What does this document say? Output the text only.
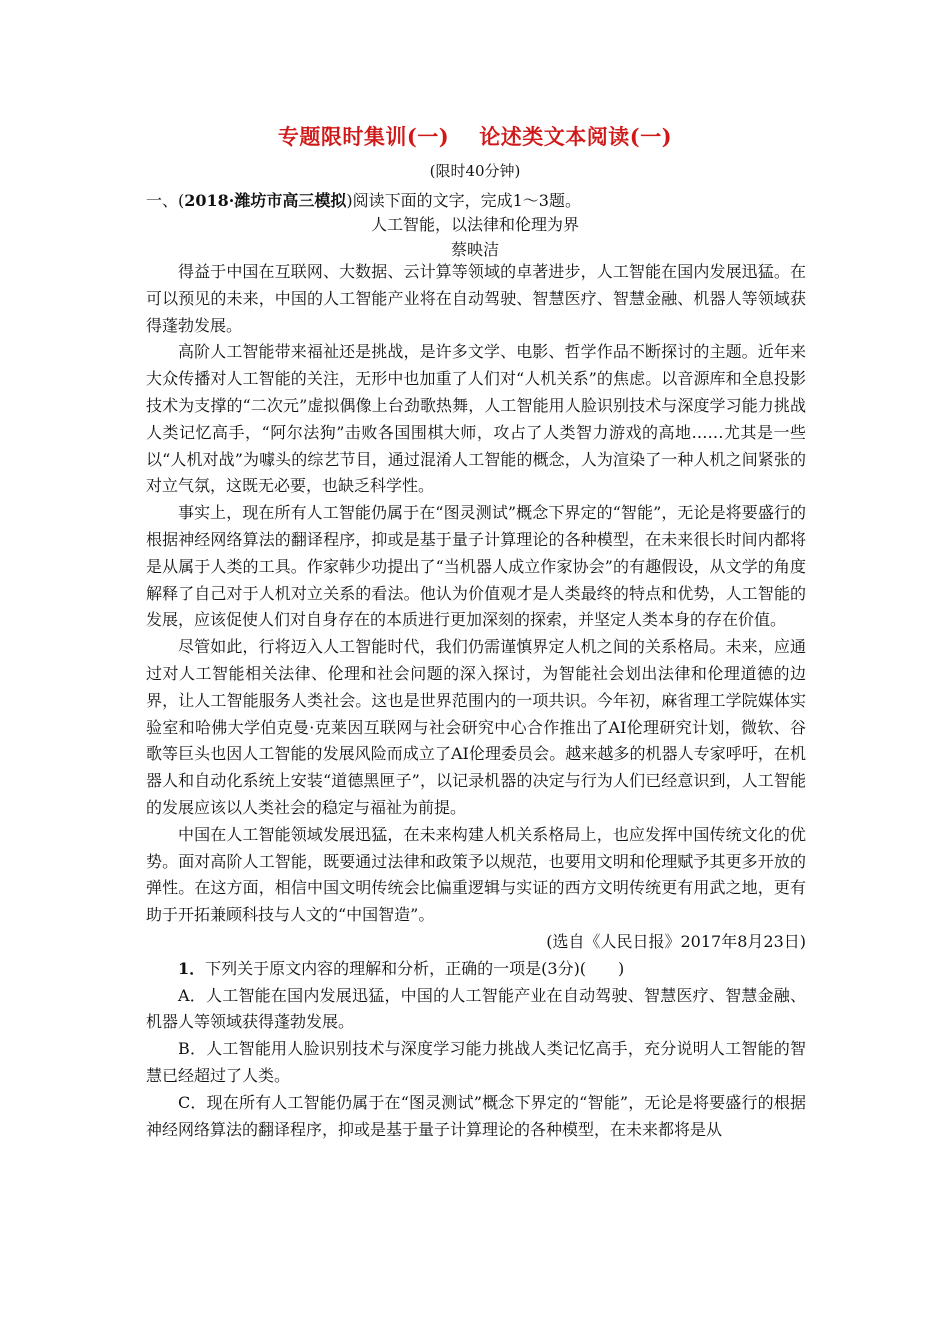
专题限时集训(一) 论述类文本阅读(一)
(限时40分钟)
一、(2018·潍坊市高三模拟)阅读下面的文字，完成1～3题。
人工智能，以法律和伦理为界
蔡映洁

得益于中国在互联网、大数据、云计算等领域的卓著进步，人工智能在国内发展迅猛。在可以预见的未来，中国的人工智能产业将在自动驾驶、智慧医疗、智慧金融、机器人等领域获得蓬勃发展。

高阶人工智能带来福祉还是挑战，是许多文学、电影、哲学作品不断探讨的主题。近年来大众传播对人工智能的关注，无形中也加重了人们对“人机关系”的焦虑。以音源库和全息投影技术为支撑的“二次元”虚拟偶像上台劲歌热舞，人工智能用人脸识别技术与深度学习能力挑战人类记忆高手，“阿尔法狗”击败各国围棋大师，攻占了人类智力游戏的高地……尤其是一些以“人机对战”为噱头的综艺节目，通过混淆人工智能的概念，人为渲染了一种人机之间紧张的对立气氛，这既无必要，也缺乏科学性。

事实上，现在所有人工智能仍属于在“图灵测试”概念下界定的“智能”，无论是将要盛行的根据神经网络算法的翻译程序，抑或是基于量子计算理论的各种模型，在未来很长时间内都将是从属于人类的工具。作家韩少功提出了“当机器人成立作家协会”的有趣假设，从文学的角度解释了自己对于人机对立关系的看法。他认为价值观才是人类最终的特点和优势，人工智能的发展，应该促使人们对自身存在的本质进行更加深刻的探索，并坚定人类本身的存在价值。

尽管如此，行将迈入人工智能时代，我们仍需谨慎界定人机之间的关系格局。未来，应通过对人工智能相关法律、伦理和社会问题的深入探讨，为智能社会划出法律和伦理道德的边界，让人工智能服务人类社会。这也是世界范围内的一项共识。今年初，麻省理工学院媒体实验室和哈佛大学伯克曼·克莱因互联网与社会研究中心合作推出了AI伦理研究计划，微软、谷歌等巨头也因人工智能的发展风险而成立了AI伦理委员会。越来越多的机器人专家呼吁，在机器人和自动化系统上安装“道德黑匣子”，以记录机器的决定与行为人们已经意识到，人工智能的发展应该以人类社会的稳定与福祉为前提。

中国在人工智能领域发展迅猛，在未来构建人机关系格局上，也应发挥中国传统文化的优势。面对高阶人工智能，既要通过法律和政策予以规范，也要用文明和伦理赋予其更多开放的弹性。在这方面，相信中国文明传统会比偏重逻辑与实证的西方文明传统更有用武之地，更有助于开拓兼顾科技与人文的“中国智造”。

(选自《人民日报》2017年8月23日)

1．下列关于原文内容的理解和分析，正确的一项是(3分)(　　)

A．人工智能在国内发展迅猛，中国的人工智能产业在自动驾驶、智慧医疗、智慧金融、机器人等领域获得蓬勃发展。

B．人工智能用人脸识别技术与深度学习能力挑战人类记忆高手，充分说明人工智能的智慧已经超过了人类。

C．现在所有人工智能仍属于在“图灵测试”概念下界定的“智能”，无论是将要盛行的根据神经网络算法的翻译程序，抑或是基于量子计算理论的各种模型，在未来都将是从
